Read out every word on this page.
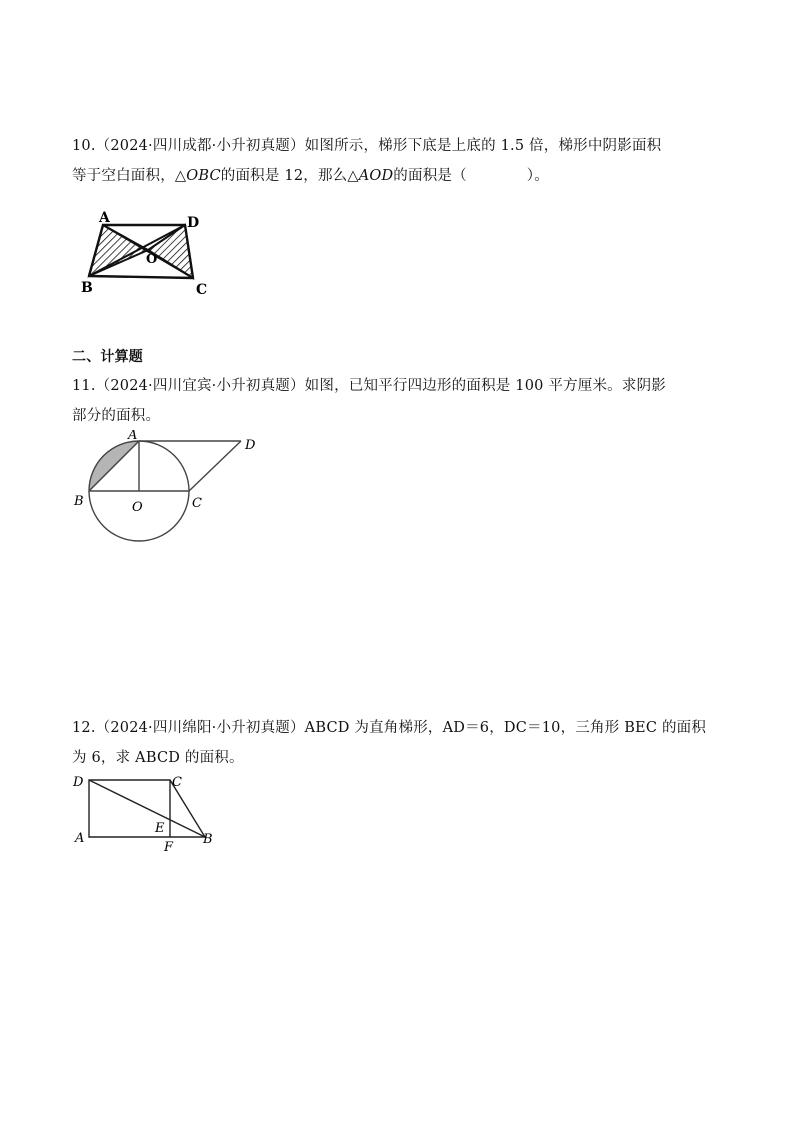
10.（2024·四川成都·小升初真题）如图所示，梯形下底是上底的 1.5 倍，梯形中阴影面积
等于空白面积，△OBC的面积是 12，那么△AOD的面积是（	）。
A	D
O
B	C
二、计算题
11.（2024·四川宜宾·小升初真题）如图，已知平行四边形的面积是 100 平方厘米。求阴影
部分的面积。
A
D
B	O	C
12.（2024·四川绵阳·小升初真题）ABCD 为直角梯形，AD＝6，DC＝10，三角形 BEC 的面积
为 6，求 ABCD 的面积。
D	C
E
A
F
B
